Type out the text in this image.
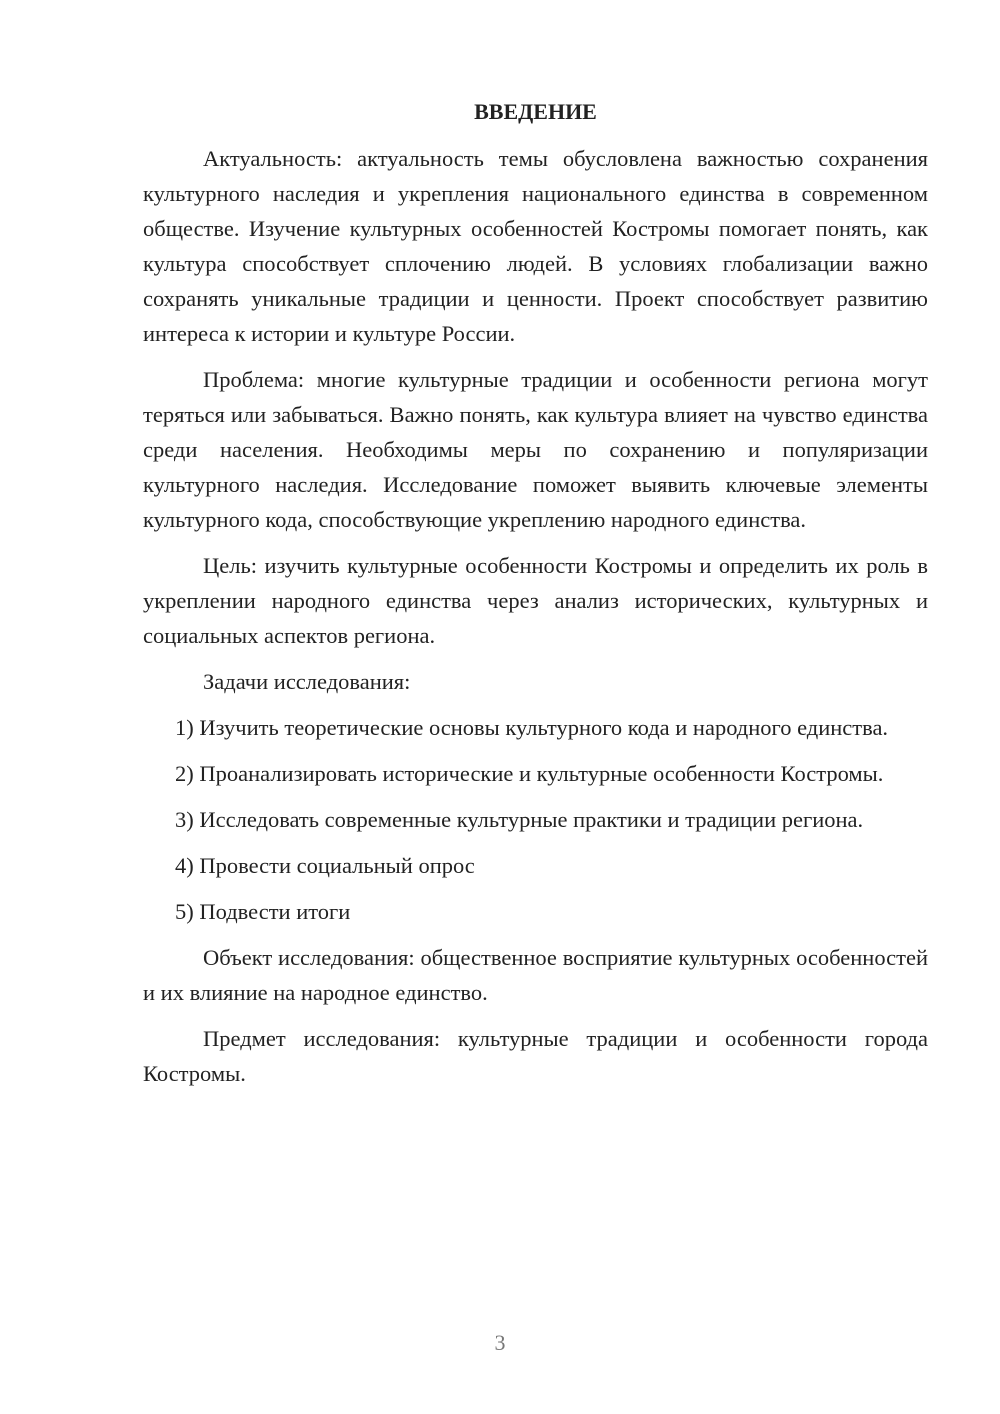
ВВЕДЕНИЕ

Актуальность: актуальность темы обусловлена важностью сохранения культурного наследия и укрепления национального единства в современном обществе. Изучение культурных особенностей Костромы помогает понять, как культура способствует сплочению людей. В условиях глобализации важно сохранять уникальные традиции и ценности. Проект способствует развитию интереса к истории и культуре России.

Проблема: многие культурные традиции и особенности региона могут теряться или забываться. Важно понять, как культура влияет на чувство единства среди населения. Необходимы меры по сохранению и популяризации культурного наследия. Исследование поможет выявить ключевые элементы культурного кода, способствующие укреплению народного единства.

Цель: изучить культурные особенности Костромы и определить их роль в укреплении народного единства через анализ исторических, культурных и социальных аспектов региона.

Задачи исследования:

1) Изучить теоретические основы культурного кода и народного единства.

2) Проанализировать исторические и культурные особенности Костромы.

3) Исследовать современные культурные практики и традиции региона.

4) Провести социальный опрос

5) Подвести итоги

Объект исследования: общественное восприятие культурных особенностей и их влияние на народное единство.

Предмет исследования: культурные традиции и особенности города Костромы.

3
